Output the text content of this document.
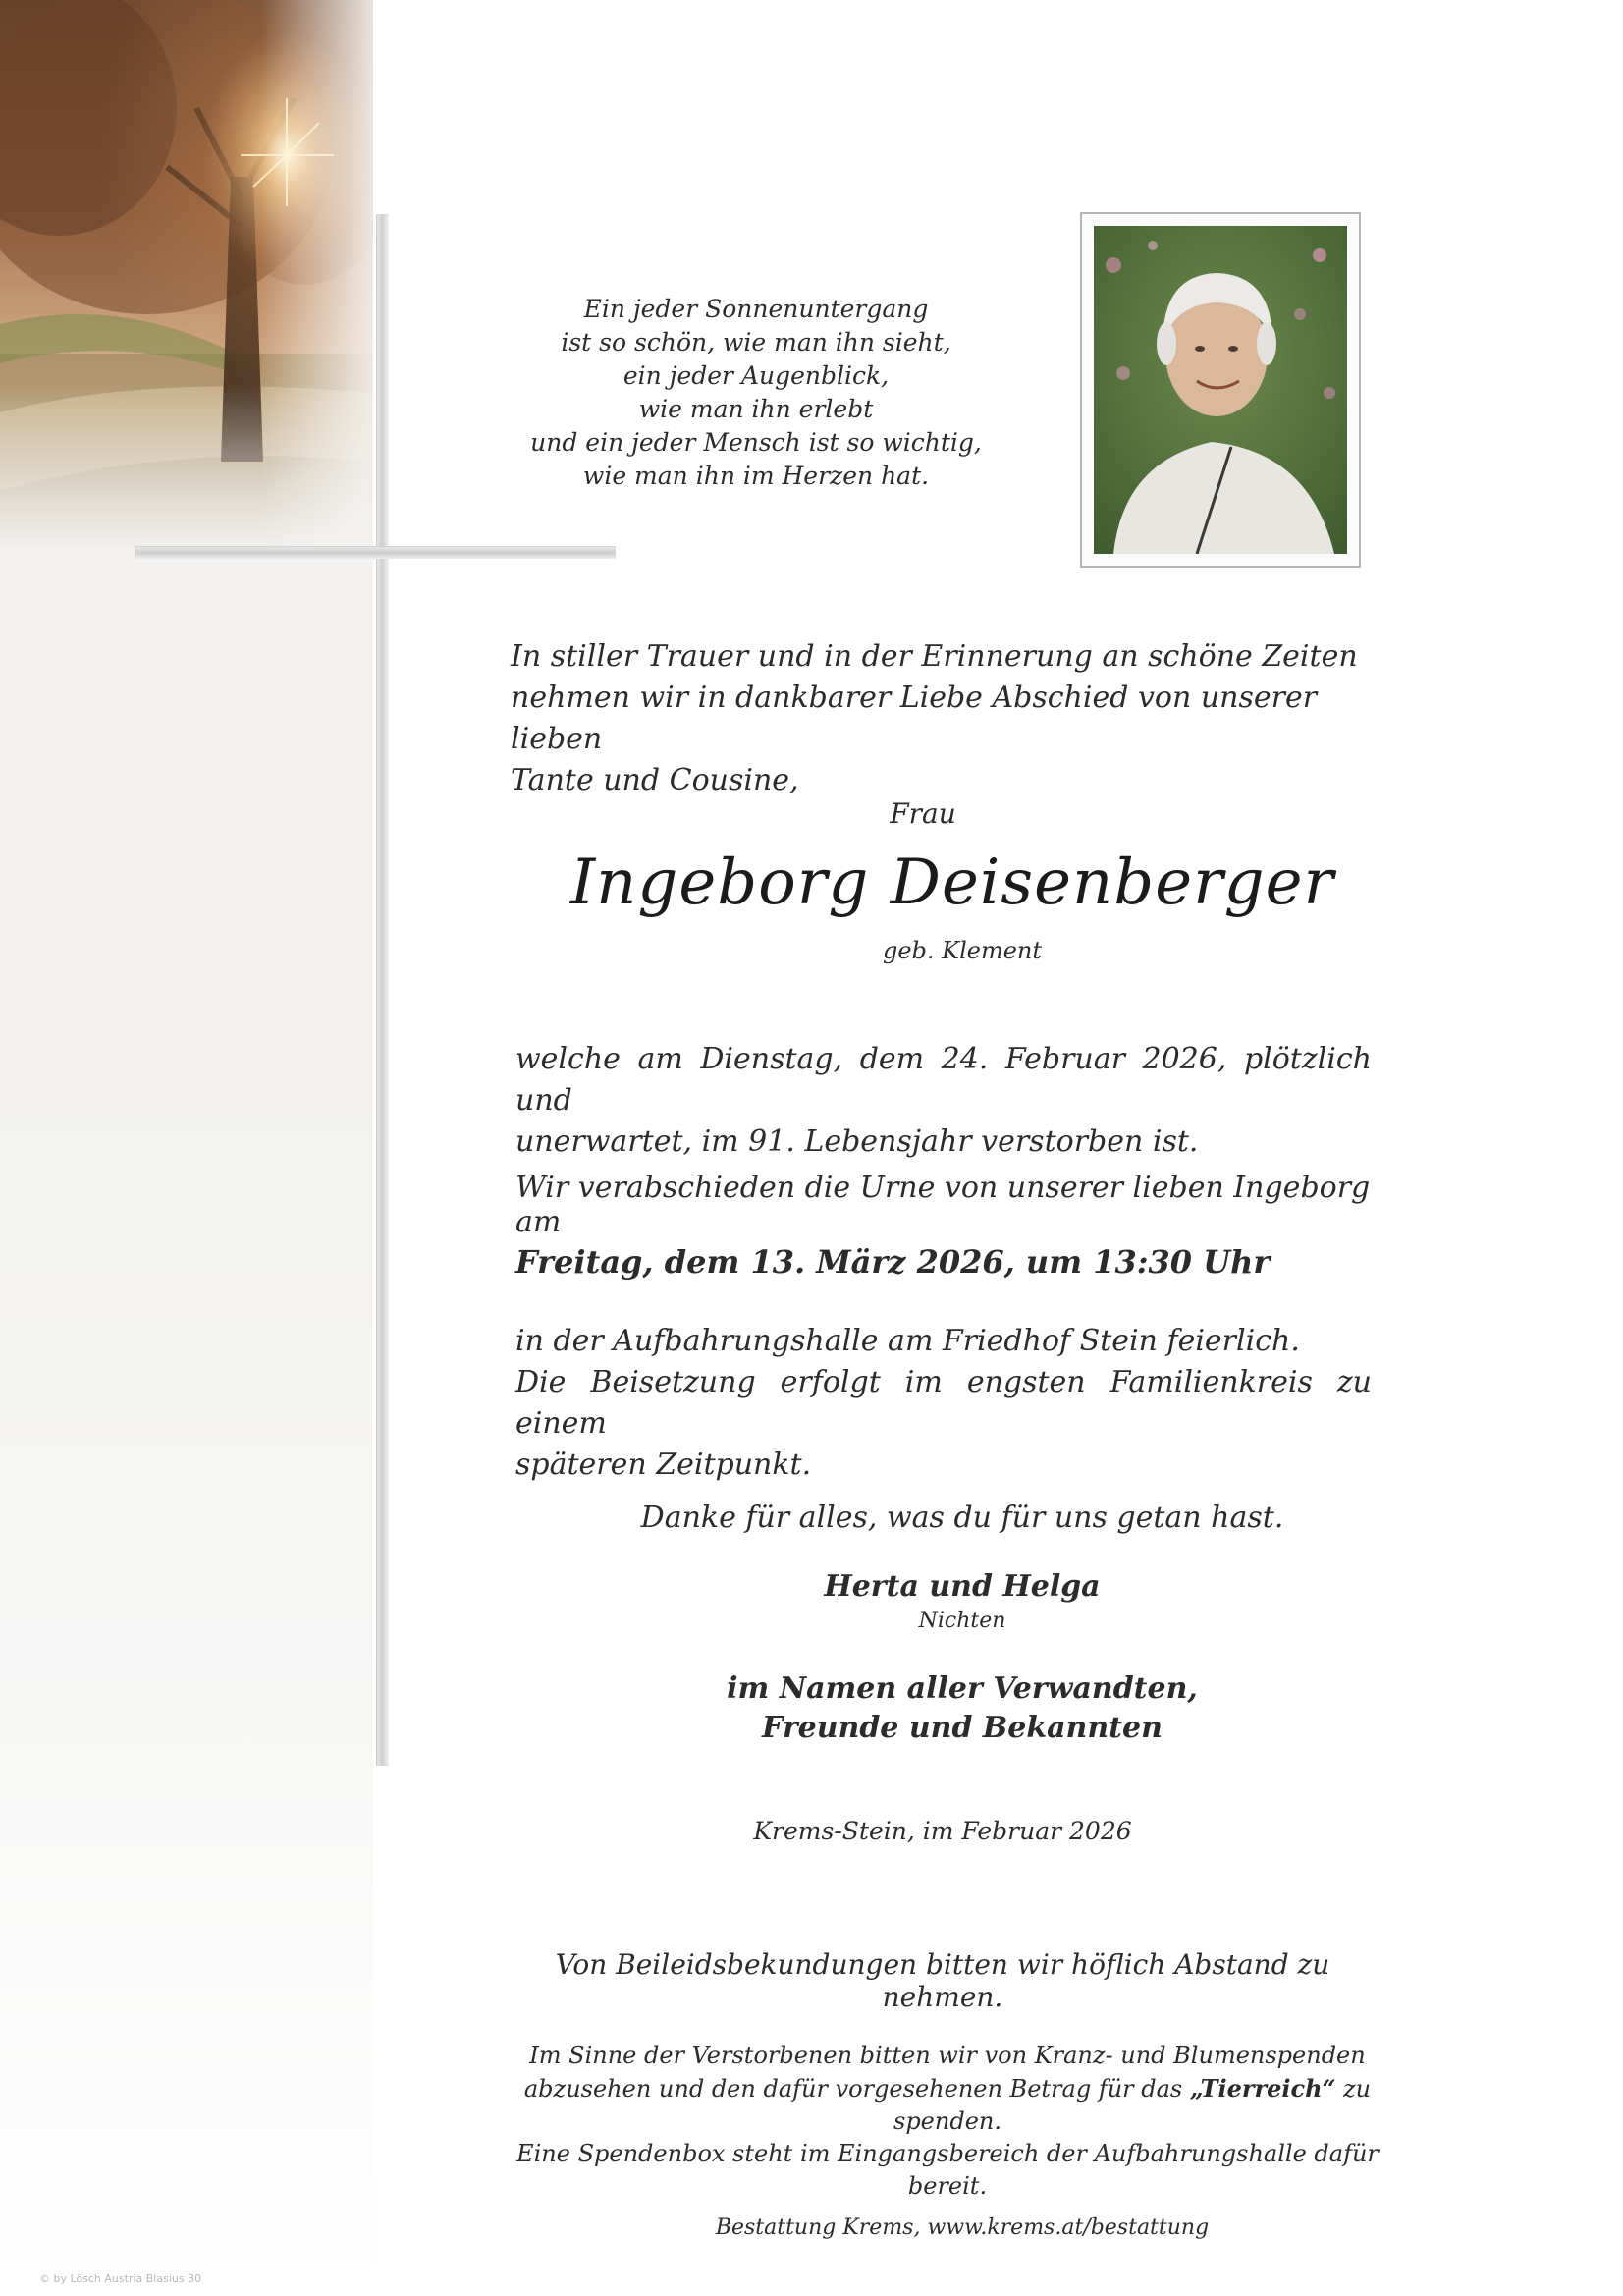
Ein jeder Sonnenuntergang
ist so schön, wie man ihn sieht,
ein jeder Augenblick,
wie man ihn erlebt
und ein jeder Mensch ist so wichtig,
wie man ihn im Herzen hat.
In stiller Trauer und in der Erinnerung an schöne Zeiten
nehmen wir in dankbarer Liebe Abschied von unserer lieben
Tante und Cousine,
Frau
Ingeborg Deisenberger
geb. Klement
welche am Dienstag, dem 24. Februar 2026, plötzlich und
unerwartet, im 91. Lebensjahr verstorben ist.
Wir verabschieden die Urne von unserer lieben Ingeborg am
Freitag, dem 13. März 2026, um 13:30 Uhr
in der Aufbahrungshalle am Friedhof Stein feierlich.
Die Beisetzung erfolgt im engsten Familienkreis zu einem
späteren Zeitpunkt.
Danke für alles, was du für uns getan hast.
Herta und Helga
Nichten
im Namen aller Verwandten,
Freunde und Bekannten
Krems-Stein, im Februar 2026
Von Beileidsbekundungen bitten wir höflich Abstand zu nehmen.
Im Sinne der Verstorbenen bitten wir von Kranz- und Blumenspenden
abzusehen und den dafür vorgesehenen Betrag für das „Tierreich“ zu spenden.
Eine Spendenbox steht im Eingangsbereich der Aufbahrungshalle dafür bereit.
Bestattung Krems, www.krems.at/bestattung
© by Lösch Austria Blasius 30
